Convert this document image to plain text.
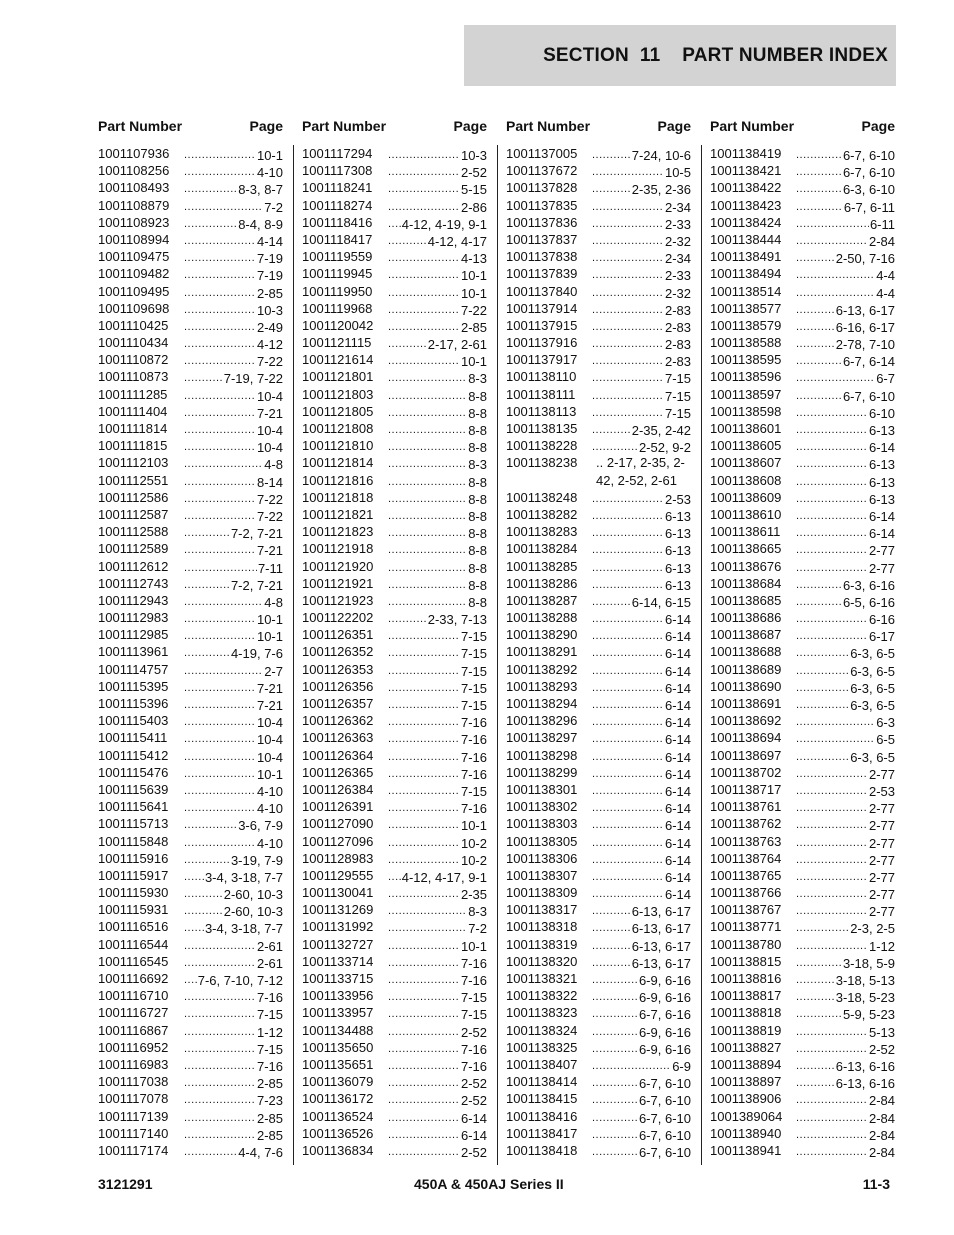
SECTION  11    PART NUMBER INDEX
Part Number	Page
1001107936 .....	10-1
1001108256 .....	4-10
1001108493 .....	8-3, 8-7
1001108879 .....	7-2
1001108923 .....	8-4, 8-9
1001108994 .....	4-14
1001109475 .....	7-19
1001109482 .....	7-19
1001109495 .....	2-85
1001109698 .....	10-3
1001110425 .....	2-49
1001110434 .....	4-12
1001110872 .....	7-22
1001110873 .....	7-19, 7-22
1001111285 .....	10-4
1001111404 .....	7-21
1001111814 .....	10-4
1001111815 .....	10-4
1001112103 .....	4-8
1001112551 .....	8-14
1001112586 .....	7-22
1001112587 .....	7-22
1001112588 .....	7-2, 7-21
1001112589 .....	7-21
1001112612 .....	7-11
1001112743 .....	7-2, 7-21
1001112943 .....	4-8
1001112983 .....	10-1
1001112985 .....	10-1
1001113961 .....	4-19, 7-6
1001114757 .....	2-7
1001115395 .....	7-21
1001115396 .....	7-21
1001115403 .....	10-4
1001115411 .....	10-4
1001115412 .....	10-4
1001115476 .....	10-1
1001115639 .....	4-10
1001115641 .....	4-10
1001115713 .....	3-6, 7-9
1001115848 .....	4-10
1001115916 .....	3-19, 7-9
1001115917 .....	3-4, 3-18, 7-7
1001115930 .....	2-60, 10-3
1001115931 .....	2-60, 10-3
1001116516 .....	3-4, 3-18, 7-7
1001116544 .....	2-61
1001116545 .....	2-61
1001116692 .....	7-6, 7-10, 7-12
1001116710 .....	7-16
1001116727 .....	7-15
1001116867 .....	1-12
1001116952 .....	7-15
1001116983 .....	7-16
1001117038 .....	2-85
1001117078 .....	7-23
1001117139 .....	2-85
1001117140 .....	2-85
1001117174 .....	4-4, 7-6
Part Number	Page
1001117294 .....	10-3
1001117308 .....	2-52
1001118241 .....	5-15
1001118274 .....	2-86
1001118416 .....	4-12, 4-19, 9-1
1001118417 .....	4-12, 4-17
1001119559 .....	4-13
1001119945 .....	10-1
1001119950 .....	10-1
1001119968 .....	7-22
1001120042 .....	2-85
1001121115 .....	2-17, 2-61
1001121614 .....	10-1
1001121801 .....	8-3
1001121803 .....	8-8
1001121805 .....	8-8
1001121808 .....	8-8
1001121810 .....	8-8
1001121814 .....	8-3
1001121816 .....	8-8
1001121818 .....	8-8
1001121821 .....	8-8
1001121823 .....	8-8
1001121918 .....	8-8
1001121920 .....	8-8
1001121921 .....	8-8
1001121923 .....	8-8
1001122202 .....	2-33, 7-13
1001126351 .....	7-15
1001126352 .....	7-15
1001126353 .....	7-15
1001126356 .....	7-15
1001126357 .....	7-15
1001126362 .....	7-16
1001126363 .....	7-16
1001126364 .....	7-16
1001126365 .....	7-16
1001126384 .....	7-15
1001126391 .....	7-16
1001127090 .....	10-1
1001127096 .....	10-2
1001128983 .....	10-2
1001129555 .....	4-12, 4-17, 9-1
1001130041 .....	2-35
1001131269 .....	8-3
1001131992 .....	7-2
1001132727 .....	10-1
1001133714 .....	7-16
1001133715 .....	7-16
1001133956 .....	7-15
1001133957 .....	7-15
1001134488 .....	2-52
1001135650 .....	7-16
1001135651 .....	7-16
1001136079 .....	2-52
1001136172 .....	2-52
1001136524 .....	6-14
1001136526 .....	6-14
1001136834 .....	2-52
Part Number	Page
1001137005 .....	7-24, 10-6
1001137672 .....	10-5
1001137828 .....	2-35, 2-36
1001137835 .....	2-34
1001137836 .....	2-33
1001137837 .....	2-32
1001137838 .....	2-34
1001137839 .....	2-33
1001137840 .....	2-32
1001137914 .....	2-83
1001137915 .....	2-83
1001137916 .....	2-83
1001137917 .....	2-83
1001138110 .....	7-15
1001138111 .....	7-15
1001138113 .....	7-15
1001138135 .....	2-35, 2-42
1001138228 .....	2-52, 9-2
1001138238	.. 2-17, 2-35, 2-42, 2-52, 2-61
1001138248 .....	2-53
1001138282 .....	6-13
1001138283 .....	6-13
1001138284 .....	6-13
1001138285 .....	6-13
1001138286 .....	6-13
1001138287 .....	6-14, 6-15
1001138288 .....	6-14
1001138290 .....	6-14
1001138291 .....	6-14
1001138292 .....	6-14
1001138293 .....	6-14
1001138294 .....	6-14
1001138296 .....	6-14
1001138297 .....	6-14
1001138298 .....	6-14
1001138299 .....	6-14
1001138301 .....	6-14
1001138302 .....	6-14
1001138303 .....	6-14
1001138305 .....	6-14
1001138306 .....	6-14
1001138307 .....	6-14
1001138309 .....	6-14
1001138317 .....	6-13, 6-17
1001138318 .....	6-13, 6-17
1001138319 .....	6-13, 6-17
1001138320 .....	6-13, 6-17
1001138321 .....	6-9, 6-16
1001138322 .....	6-9, 6-16
1001138323 .....	6-7, 6-16
1001138324 .....	6-9, 6-16
1001138325 .....	6-9, 6-16
1001138407 .....	6-9
1001138414 .....	6-7, 6-10
1001138415 .....	6-7, 6-10
1001138416 .....	6-7, 6-10
1001138417 .....	6-7, 6-10
1001138418 .....	6-7, 6-10
Part Number	Page
1001138419 .....	6-7, 6-10
1001138421 .....	6-7, 6-10
1001138422 .....	6-3, 6-10
1001138423 .....	6-7, 6-11
1001138424 .....	6-11
1001138444 .....	2-84
1001138491 .....	2-50, 7-16
1001138494 .....	4-4
1001138514 .....	4-4
1001138577 .....	6-13, 6-17
1001138579 .....	6-16, 6-17
1001138588 .....	2-78, 7-10
1001138595 .....	6-7, 6-14
1001138596 .....	6-7
1001138597 .....	6-7, 6-10
1001138598 .....	6-10
1001138601 .....	6-13
1001138605 .....	6-14
1001138607 .....	6-13
1001138608 .....	6-13
1001138609 .....	6-13
1001138610 .....	6-14
1001138611 .....	6-14
1001138665 .....	2-77
1001138676 .....	2-77
1001138684 .....	6-3, 6-16
1001138685 .....	6-5, 6-16
1001138686 .....	6-16
1001138687 .....	6-17
1001138688 .....	6-3, 6-5
1001138689 .....	6-3, 6-5
1001138690 .....	6-3, 6-5
1001138691 .....	6-3, 6-5
1001138692 .....	6-3
1001138694 .....	6-5
1001138697 .....	6-3, 6-5
1001138702 .....	2-77
1001138717 .....	2-53
1001138761 .....	2-77
1001138762 .....	2-77
1001138763 .....	2-77
1001138764 .....	2-77
1001138765 .....	2-77
1001138766 .....	2-77
1001138767 .....	2-77
1001138771 .....	2-3, 2-5
1001138780 .....	1-12
1001138815 .....	3-18, 5-9
1001138816 .....	3-18, 5-13
1001138817 .....	3-18, 5-23
1001138818 .....	5-9, 5-23
1001138819 .....	5-13
1001138827 .....	2-52
1001138894 .....	6-13, 6-16
1001138897 .....	6-13, 6-16
1001138906 .....	2-84
1001389064 .....	2-84
1001138940 .....	2-84
1001138941 .....	2-84
3121291	450A & 450AJ Series II	11-3
